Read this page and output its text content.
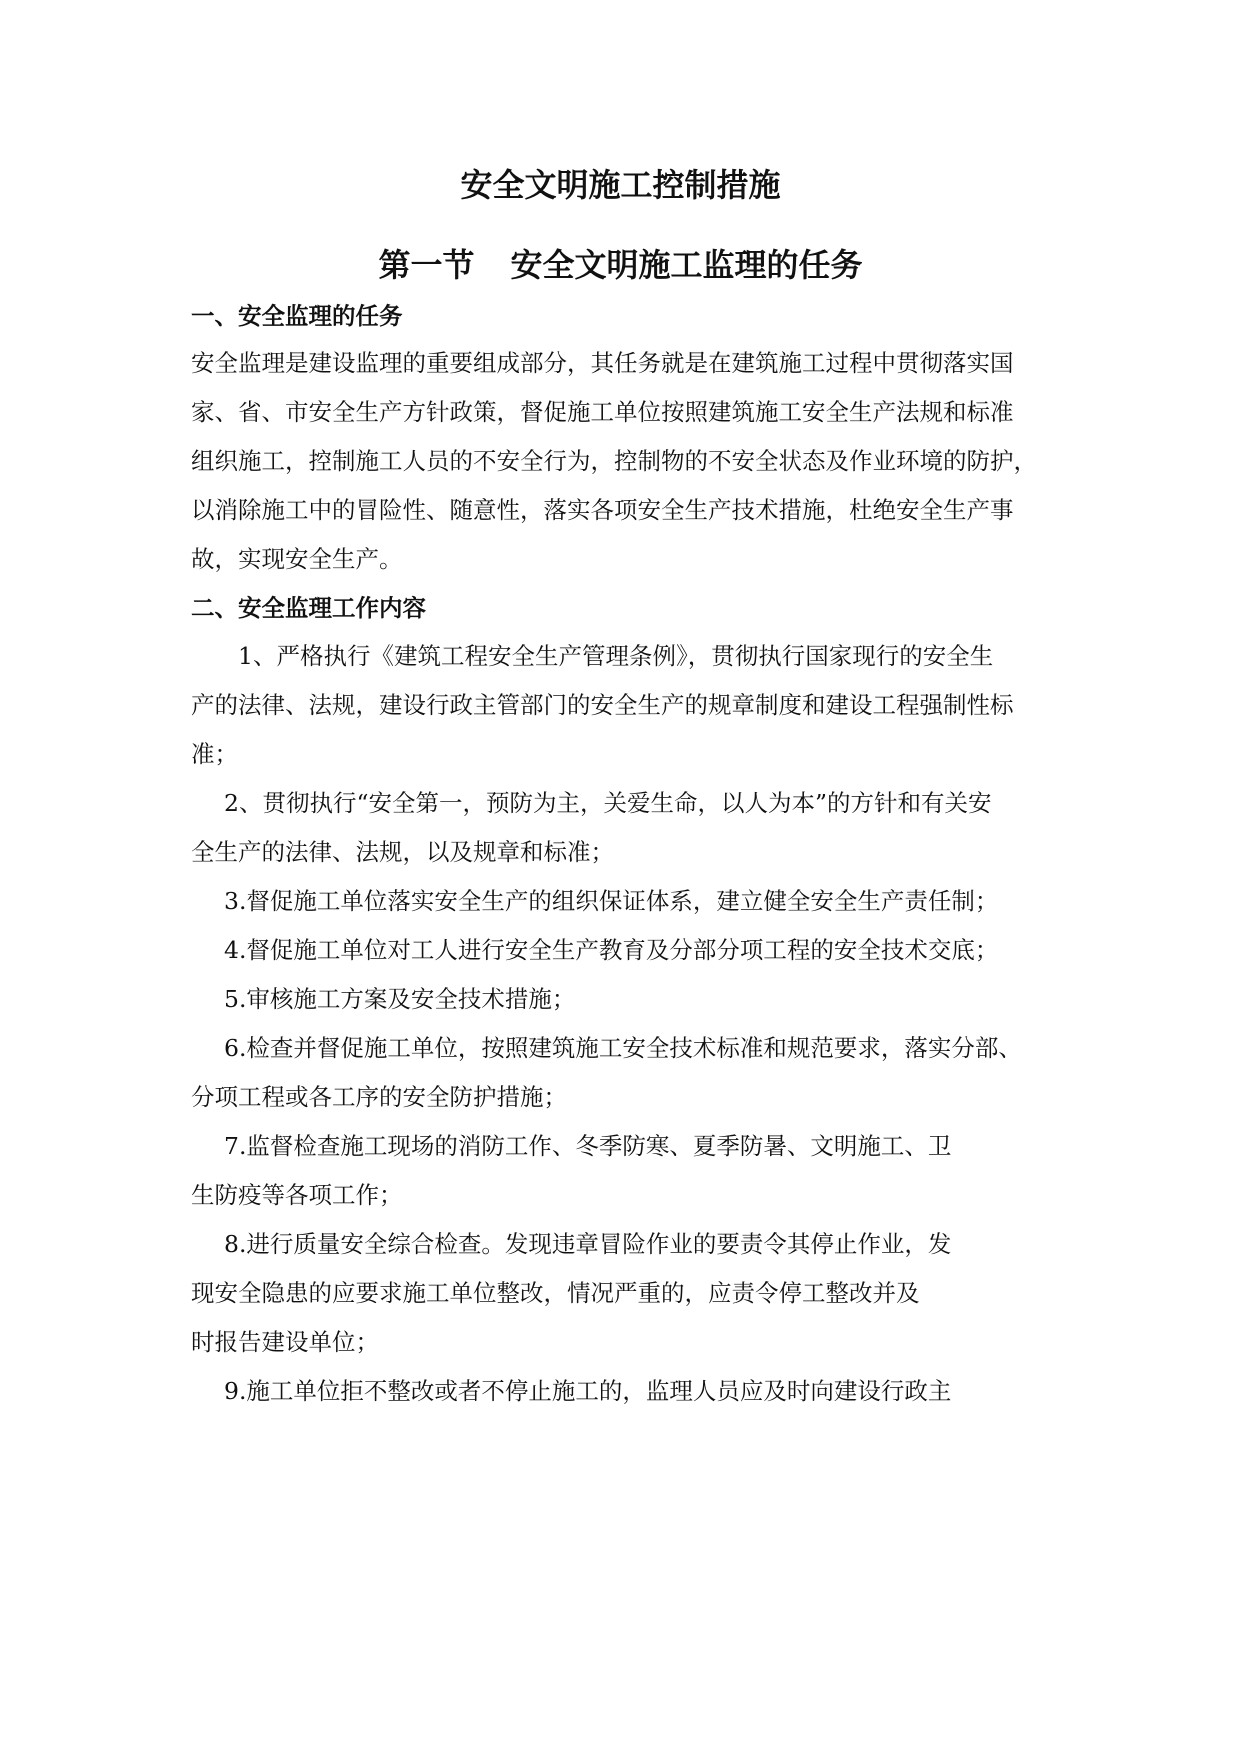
安全文明施工控制措施
第一节 安全文明施工监理的任务
一、安全监理的任务
安全监理是建设监理的重要组成部分，其任务就是在建筑施工过程中贯彻落实国
家、省、市安全生产方针政策，督促施工单位按照建筑施工安全生产法规和标准
组织施工，控制施工人员的不安全行为，控制物的不安全状态及作业环境的防护，
以消除施工中的冒险性、随意性，落实各项安全生产技术措施，杜绝安全生产事
故，实现安全生产。
二、安全监理工作内容
1、严格执行《建筑工程安全生产管理条例》，贯彻执行国家现行的安全生
产的法律、法规，建设行政主管部门的安全生产的规章制度和建设工程强制性标
准；
2、贯彻执行“安全第一，预防为主，关爱生命，以人为本”的方针和有关安
全生产的法律、法规，以及规章和标准；
3.督促施工单位落实安全生产的组织保证体系，建立健全安全生产责任制；
4.督促施工单位对工人进行安全生产教育及分部分项工程的安全技术交底；
5.审核施工方案及安全技术措施；
6.检查并督促施工单位，按照建筑施工安全技术标准和规范要求，落实分部、
分项工程或各工序的安全防护措施；
7.监督检查施工现场的消防工作、冬季防寒、夏季防暑、文明施工、卫
生防疫等各项工作；
8.进行质量安全综合检查。发现违章冒险作业的要责令其停止作业，发
现安全隐患的应要求施工单位整改，情况严重的，应责令停工整改并及
时报告建设单位；
9.施工单位拒不整改或者不停止施工的，监理人员应及时向建设行政主
